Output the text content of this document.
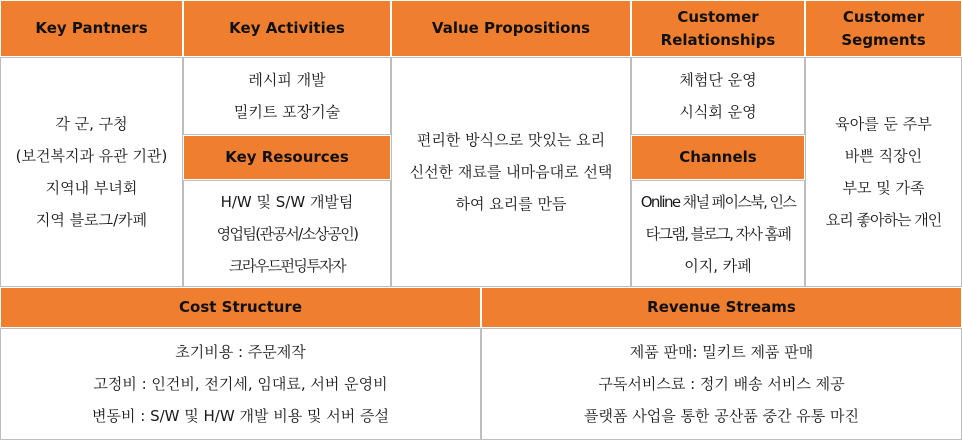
Key Pantners
각 군, 구청
(보건복지과 유관 기관)
지역내 부녀회
지역 블로그/카페
Key Activities
레시피 개발
밀키트 포장기술
Key Resources
H/W 및 S/W 개발팀
영업팀(관공서/소상공인)
크라우드펀딩투자자
Value Propositions
편리한 방식으로 맛있는 요리
신선한 재료를 내마음대로 선택
하여 요리를 만듬
Customer
Relationships
체험단 운영
시식회 운영
Channels
Online 채널 페이스북, 인스
타그램, 블로그, 자사 홈페
이지, 카페
Customer
Segments
육아를 둔 주부
바쁜 직장인
부모 및 가족
요리 좋아하는 개인
Cost Structure
초기비용 : 주문제작
고정비 : 인건비, 전기세, 임대료, 서버 운영비
변동비 : S/W 및 H/W 개발 비용 및 서버 증설
Revenue Streams
제품 판매: 밀키트 제품 판매
구독서비스료 : 정기 배송 서비스 제공
플랫폼 사업을 통한 공산품 중간 유통 마진
